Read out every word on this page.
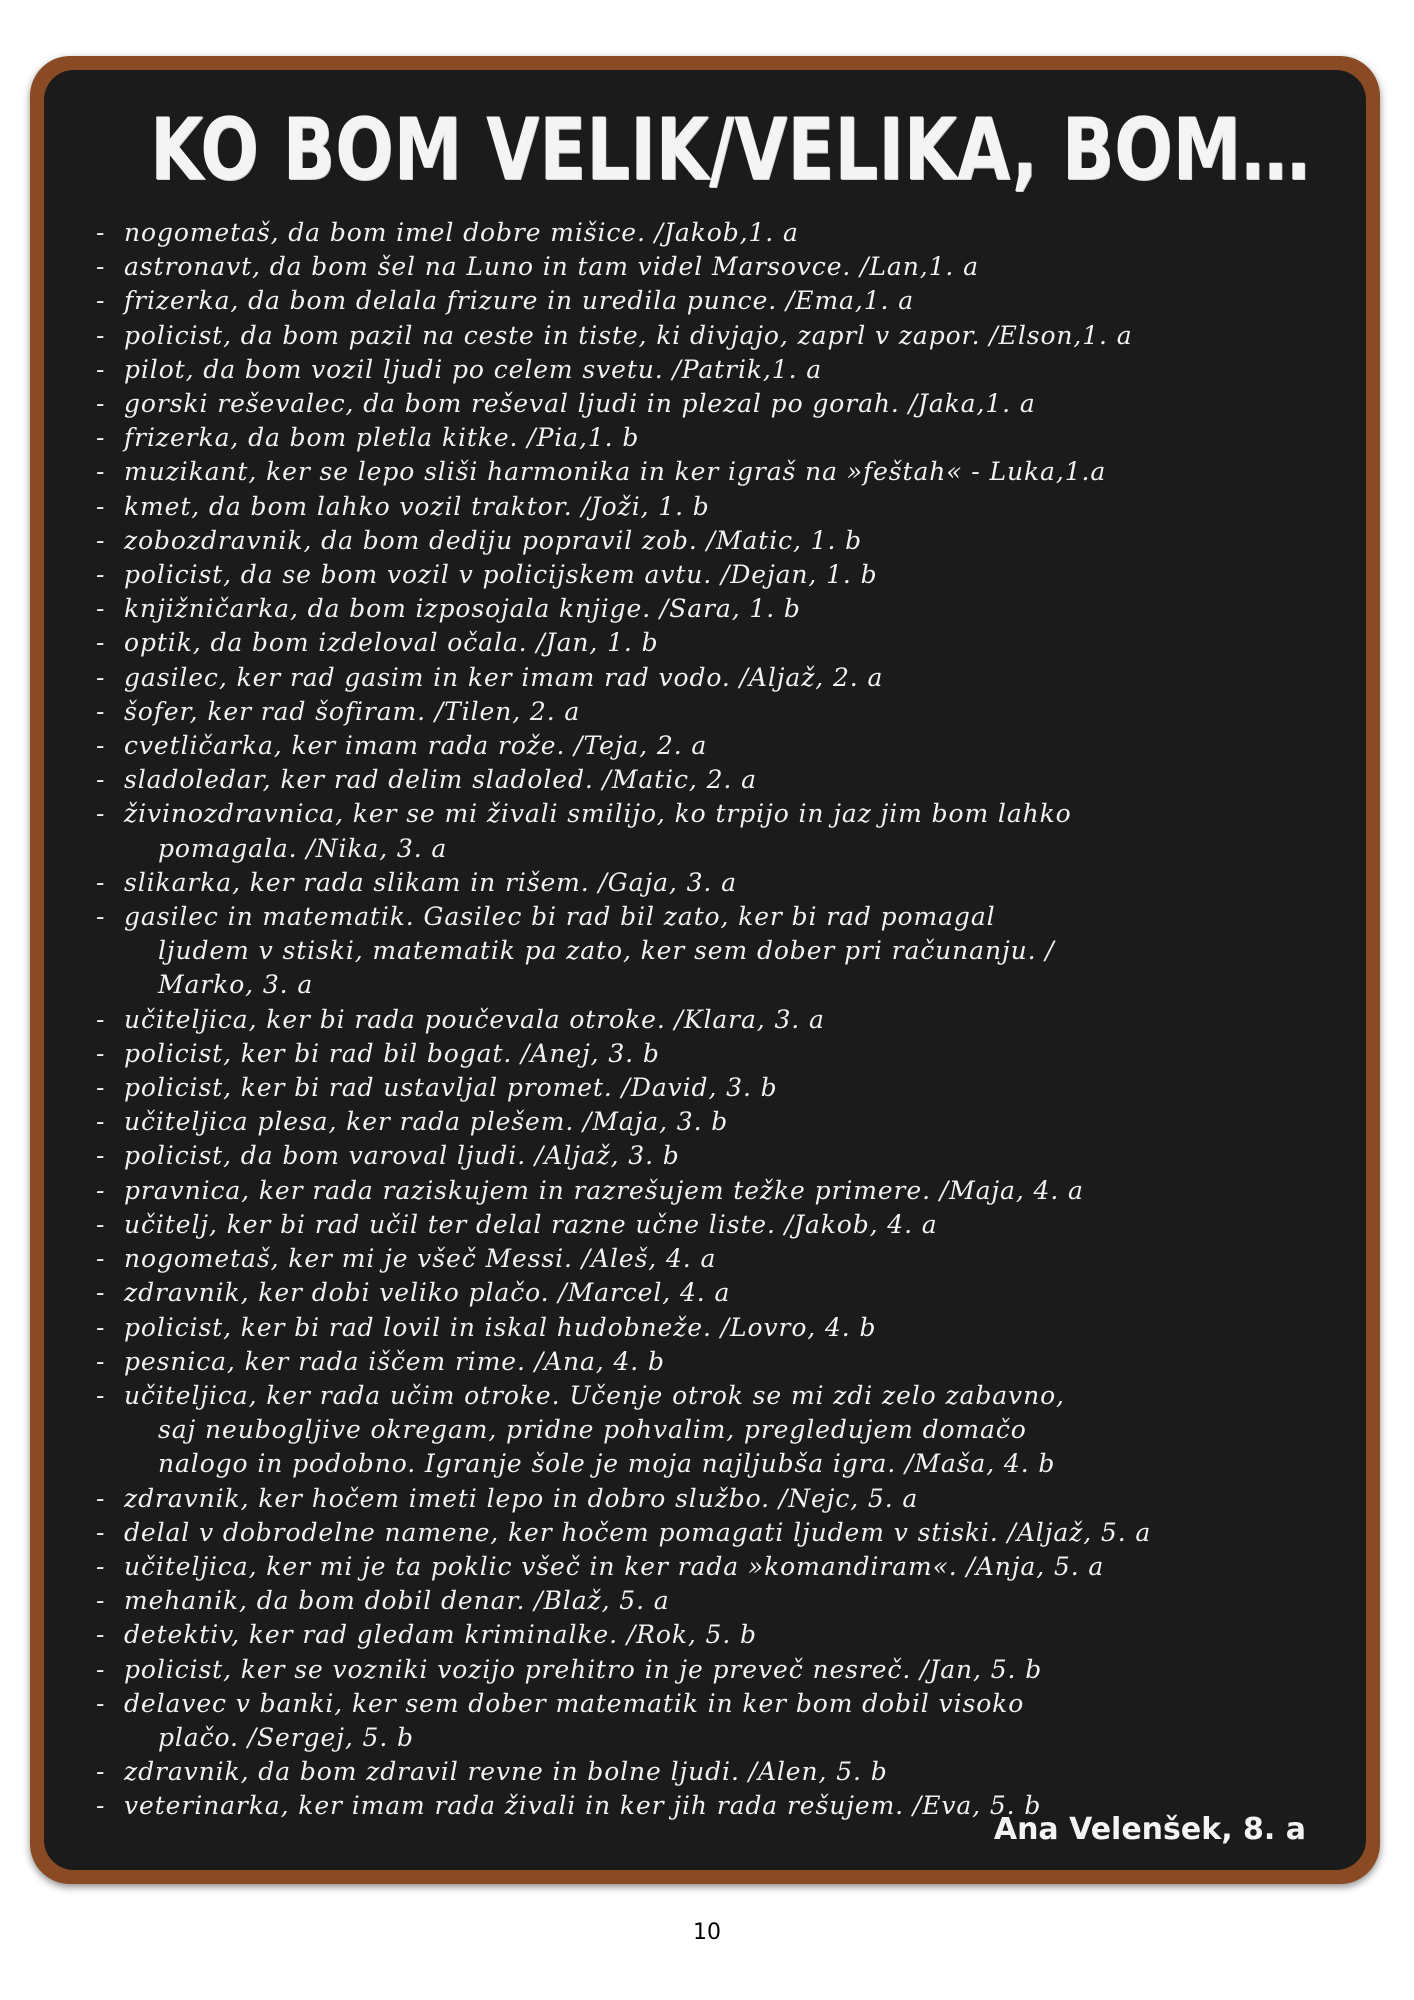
KO BOM VELIK/VELIKA, BOM…
- nogometaš, da bom imel dobre mišice. /Jakob,1. a
- astronavt, da bom šel na Luno in tam videl Marsovce. /Lan,1. a
- frizerka, da bom delala frizure in uredila punce. /Ema,1. a
- policist, da bom pazil na ceste in tiste, ki divjajo, zaprl v zapor. /Elson,1. a
- pilot, da bom vozil ljudi po celem svetu. /Patrik,1. a
- gorski reševalec, da bom reševal ljudi in plezal po gorah. /Jaka,1. a
- frizerka, da bom pletla kitke. /Pia,1. b
- muzikant, ker se lepo sliši harmonika in ker igraš na »feštah« - Luka,1.a
- kmet, da bom lahko vozil traktor. /Joži, 1. b
- zobozdravnik, da bom dediju popravil zob. /Matic, 1. b
- policist, da se bom vozil v policijskem avtu. /Dejan, 1. b
- knjižničarka, da bom izposojala knjige. /Sara, 1. b
- optik, da bom izdeloval očala. /Jan, 1. b
- gasilec, ker rad gasim in ker imam rad vodo. /Aljaž, 2. a
- šofer, ker rad šofiram. /Tilen, 2. a
- cvetličarka, ker imam rada rože. /Teja, 2. a
- sladoledar, ker rad delim sladoled. /Matic, 2. a
- živinozdravnica, ker se mi živali smilijo, ko trpijo in jaz jim bom lahko
pomagala. /Nika, 3. a
- slikarka, ker rada slikam in rišem. /Gaja, 3. a
- gasilec in matematik. Gasilec bi rad bil zato, ker bi rad pomagal
ljudem v stiski, matematik pa zato, ker sem dober pri računanju. /
Marko, 3. a
- učiteljica, ker bi rada poučevala otroke. /Klara, 3. a
- policist, ker bi rad bil bogat. /Anej, 3. b
- policist, ker bi rad ustavljal promet. /David, 3. b
- učiteljica plesa, ker rada plešem. /Maja, 3. b
- policist, da bom varoval ljudi. /Aljaž, 3. b
- pravnica, ker rada raziskujem in razrešujem težke primere. /Maja, 4. a
- učitelj, ker bi rad učil ter delal razne učne liste. /Jakob, 4. a
- nogometaš, ker mi je všeč Messi. /Aleš, 4. a
- zdravnik, ker dobi veliko plačo. /Marcel, 4. a
- policist, ker bi rad lovil in iskal hudobneže. /Lovro, 4. b
- pesnica, ker rada iščem rime. /Ana, 4. b
- učiteljica, ker rada učim otroke. Učenje otrok se mi zdi zelo zabavno,
saj neubogljive okregam, pridne pohvalim, pregledujem domačo
nalogo in podobno. Igranje šole je moja najljubša igra. /Maša, 4. b
- zdravnik, ker hočem imeti lepo in dobro službo. /Nejc, 5. a
- delal v dobrodelne namene, ker hočem pomagati ljudem v stiski. /Aljaž, 5. a
- učiteljica, ker mi je ta poklic všeč in ker rada »komandiram«. /Anja, 5. a
- mehanik, da bom dobil denar. /Blaž, 5. a
- detektiv, ker rad gledam kriminalke. /Rok, 5. b
- policist, ker se vozniki vozijo prehitro in je preveč nesreč. /Jan, 5. b
- delavec v banki, ker sem dober matematik in ker bom dobil visoko
plačo. /Sergej, 5. b
- zdravnik, da bom zdravil revne in bolne ljudi. /Alen, 5. b
- veterinarka, ker imam rada živali in ker jih rada rešujem. /Eva, 5. b
Ana Velenšek, 8. a
10
